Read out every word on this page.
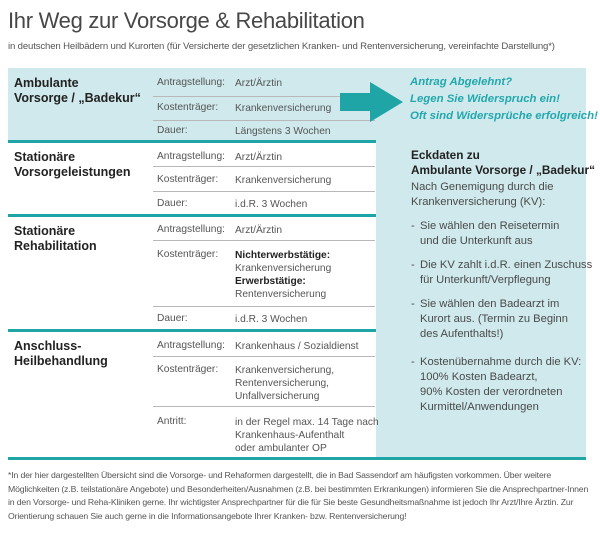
Ihr Weg zur Vorsorge & Rehabilitation
in deutschen Heilbädern und Kurorten (für Versicherte der gesetzlichen Kranken- und Rentenversicherung, vereinfachte Darstellung*)
Ambulante
Vorsorge / „Badekur“
Antragstellung: Arzt/Ärztin
Kostenträger: Krankenversicherung
Dauer:	Längstens 3 Wochen
Antrag Abgelehnt?
Legen Sie Widerspruch ein!
Oft sind Widersprüche erfolgreich!
Stationäre
Vorsorgeleistungen
Antragstellung: Arzt/Ärztin
Kostenträger: Krankenversicherung
Dauer:	i.d.R. 3 Wochen
Stationäre
Rehabilitation
Antragstellung: Arzt/Ärztin
Kostenträger: Nichterwerbstätige:
Krankenversicherung
Erwerbstätige:
Rentenversicherung
Dauer:	i.d.R. 3 Wochen
Anschluss-
Heilbehandlung
Antragstellung: Krankenhaus / Sozialdienst
Kostenträger: Krankenversicherung,
Rentenversicherung,
Unfallversicherung
Antritt:	in der Regel max. 14 Tage nach
Krankenhaus-Aufenthalt
oder ambulanter OP
Eckdaten zu
Ambulante Vorsorge / „Badekur“
Nach Genemigung durch die
Krankenversicherung (KV):
- Sie wählen den Reisetermin
und die Unterkunft aus
- Die KV zahlt i.d.R. einen Zuschuss
für Unterkunft/Verpflegung
- Sie wählen den Badearzt im
Kurort aus. (Termin zu Beginn
des Aufenthalts!)
- Kostenübernahme durch die KV:
100% Kosten Badearzt,
90% Kosten der verordneten
Kurmittel/Anwendungen
*In der hier dargestellten Übersicht sind die Vorsorge- und Rehaformen dargestellt, die in Bad Sassendorf am häufigsten vorkommen. Über weitere Möglichkeiten (z.B. teilstationäre Angebote) und Besonderheiten/Ausnahmen (z.B. bei bestimmten Erkrankungen) informieren Sie die Ansprechpartner-Innen in den Vorsorge- und Reha-Kliniken gerne. Ihr wichtigster Ansprechpartner für die für Sie beste Gesundheitsmaßnahme ist jedoch Ihr Arzt/Ihre Ärztin. Zur Orientierung schauen Sie auch gerne in die Informationsangebote Ihrer Kranken- bzw. Rentenversicherung!
